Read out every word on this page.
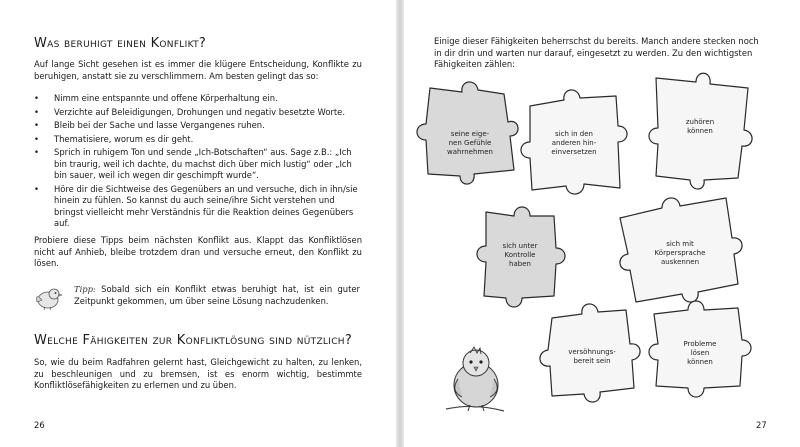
Was beruhigt einen Konflikt?

Auf lange Sicht gesehen ist es immer die klügere Entscheidung, Konflikte zu beruhigen, anstatt sie zu verschlimmern. Am besten gelingt das so:

• Nimm eine entspannte und offene Körperhaltung ein.
• Verzichte auf Beleidigungen, Drohungen und negativ besetzte Worte.
• Bleib bei der Sache und lasse Vergangenes ruhen.
• Thematisiere, worum es dir geht.
• Sprich in ruhigem Ton und sende „Ich-Botschaften“ aus. Sage z.B.: „Ich bin traurig, weil ich dachte, du machst dich über mich lustig“ oder „Ich bin sauer, weil ich wegen dir geschimpft wurde“.
• Höre dir die Sichtweise des Gegenübers an und versuche, dich in ihn/sie hinein zu fühlen. So kannst du auch seine/ihre Sicht verstehen und bringst vielleicht mehr Verständnis für die Reaktion deines Gegenübers auf.

Probiere diese Tipps beim nächsten Konflikt aus. Klappt das Konfliktlösen nicht auf Anhieb, bleibe trotzdem dran und versuche erneut, den Konflikt zu lösen.

Tipp: Sobald sich ein Konflikt etwas beruhigt hat, ist ein guter Zeitpunkt gekommen, um über seine Lösung nachzudenken.
Welche Fähigkeiten zur Konfliktlösung sind nützlich?

So, wie du beim Radfahren gelernt hast, Gleichgewicht zu halten, zu lenken, zu beschleunigen und zu bremsen, ist es enorm wichtig, bestimmte Konfliktlösefähigkeiten zu erlernen und zu üben.

26

Einige dieser Fähigkeiten beherrschst du bereits. Manch andere stecken noch in dir drin und warten nur darauf, eingesetzt zu werden. Zu den wichtigsten Fähigkeiten zählen:

seine eige-
nen Gefühle
wahrnehmen
sich in den
anderen hin-
einversetzen
zuhören
können
sich unter
Kontrolle
haben
sich mit
Körpersprache
auskennen
versöhnungs-
bereit sein
Probleme
lösen
können
27
